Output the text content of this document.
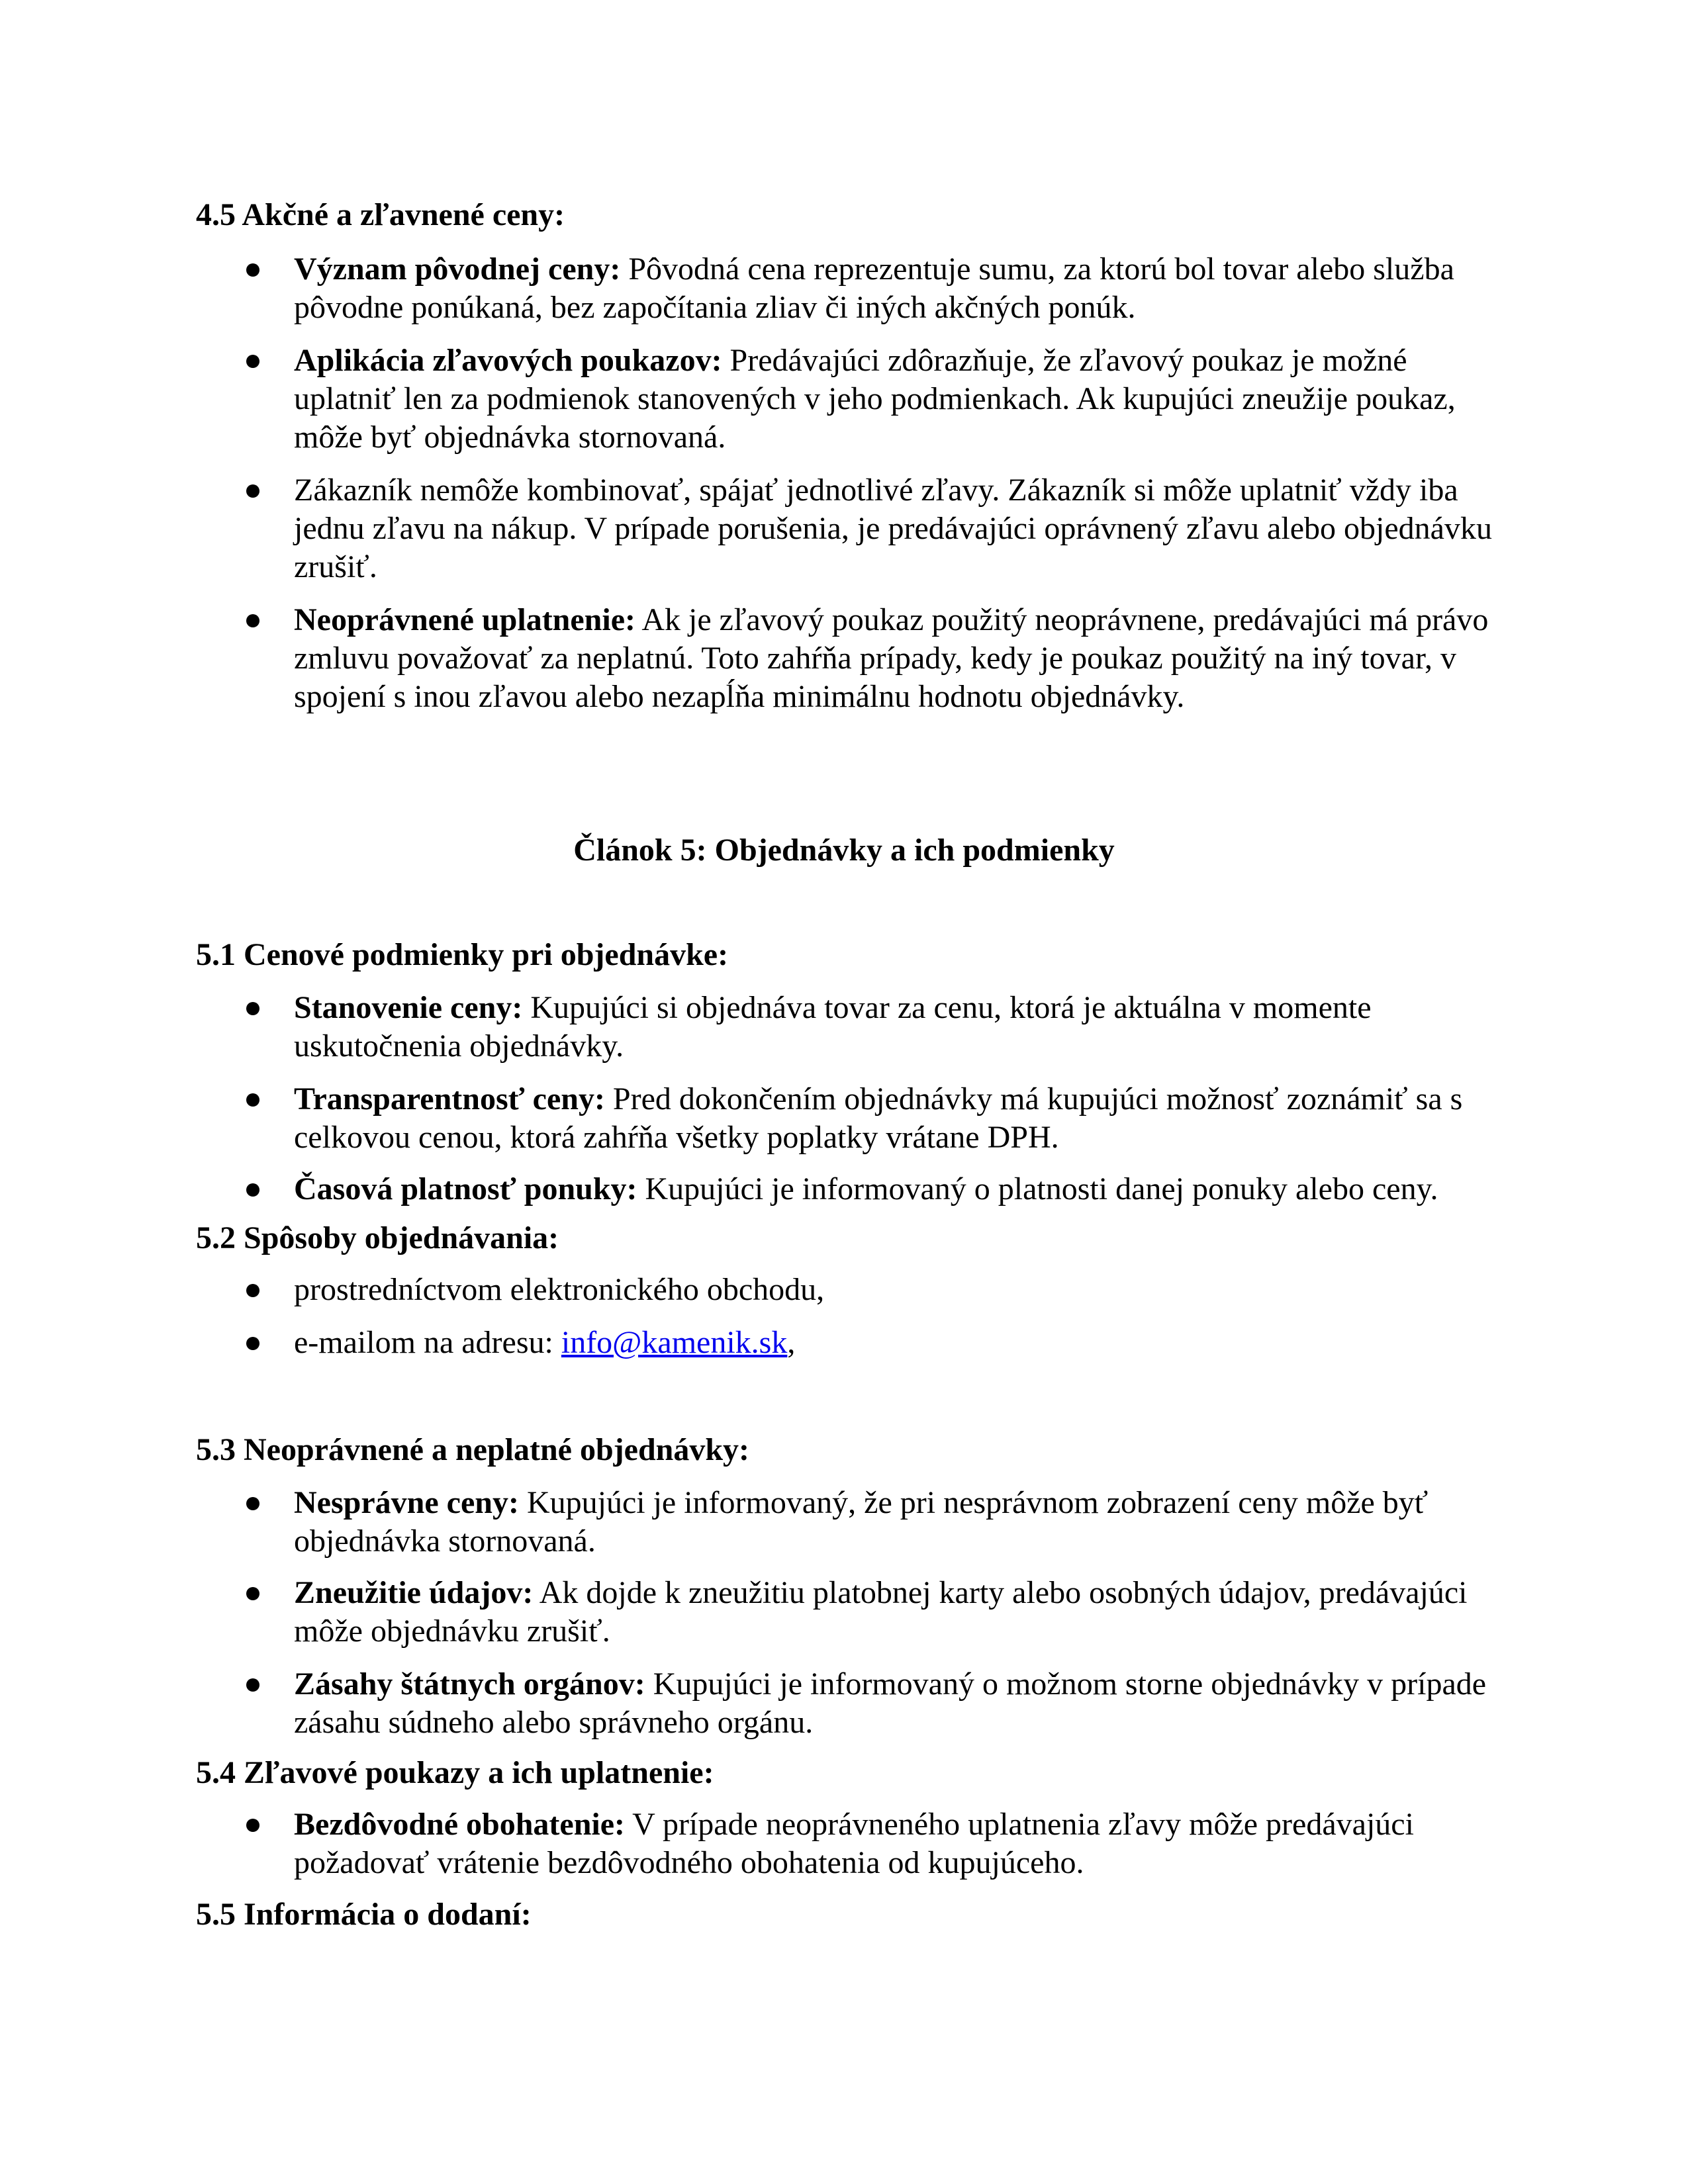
4.5 Akčné a zľavnené ceny:
Význam pôvodnej ceny: Pôvodná cena reprezentuje sumu, za ktorú bol tovar alebo služba pôvodne ponúkaná, bez započítania zliav či iných akčných ponúk.
Aplikácia zľavových poukazov: Predávajúci zdôrazňuje, že zľavový poukaz je možné uplatniť len za podmienok stanovených v jeho podmienkach. Ak kupujúci zneužije poukaz, môže byť objednávka stornovaná.
Zákazník nemôže kombinovať, spájať jednotlivé zľavy. Zákazník si môže uplatniť vždy iba jednu zľavu na nákup. V prípade porušenia, je predávajúci oprávnený zľavu alebo objednávku zrušiť.
Neoprávnené uplatnenie: Ak je zľavový poukaz použitý neoprávnene, predávajúci má právo zmluvu považovať za neplatnú. Toto zahŕňa prípady, kedy je poukaz použitý na iný tovar, v spojení s inou zľavou alebo nezapĺňa minimálnu hodnotu objednávky.
Článok 5: Objednávky a ich podmienky
5.1 Cenové podmienky pri objednávke:
Stanovenie ceny: Kupujúci si objednáva tovar za cenu, ktorá je aktuálna v momente uskutočnenia objednávky.
Transparentnosť ceny: Pred dokončením objednávky má kupujúci možnosť zoznámiť sa s celkovou cenou, ktorá zahŕňa všetky poplatky vrátane DPH.
Časová platnosť ponuky: Kupujúci je informovaný o platnosti danej ponuky alebo ceny.
5.2 Spôsoby objednávania:
prostredníctvom elektronického obchodu,
e-mailom na adresu: info@kamenik.sk,
5.3 Neoprávnené a neplatné objednávky:
Nesprávne ceny: Kupujúci je informovaný, že pri nesprávnom zobrazení ceny môže byť objednávka stornovaná.
Zneužitie údajov: Ak dojde k zneužitiu platobnej karty alebo osobných údajov, predávajúci môže objednávku zrušiť.
Zásahy štátnych orgánov: Kupujúci je informovaný o možnom storne objednávky v prípade zásahu súdneho alebo správneho orgánu.
5.4 Zľavové poukazy a ich uplatnenie:
Bezdôvodné obohatenie: V prípade neoprávneného uplatnenia zľavy môže predávajúci požadovať vrátenie bezdôvodného obohatenia od kupujúceho.
5.5 Informácia o dodaní:
